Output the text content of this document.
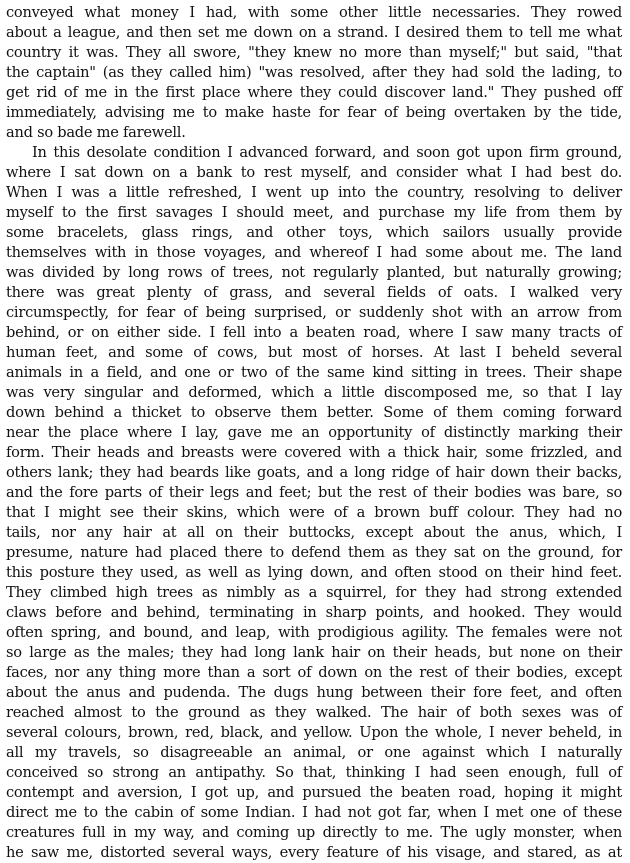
conveyed what money I had, with some other little necessaries. They rowed
about a league, and then set me down on a strand. I desired them to tell me what
country it was. They all swore, "they knew no more than myself;" but said, "that
the captain" (as they called him) "was resolved, after they had sold the lading, to
get rid of me in the first place where they could discover land." They pushed off
immediately, advising me to make haste for fear of being overtaken by the tide,
and so bade me farewell.
In this desolate condition I advanced forward, and soon got upon firm ground,
where I sat down on a bank to rest myself, and consider what I had best do.
When I was a little refreshed, I went up into the country, resolving to deliver
myself to the first savages I should meet, and purchase my life from them by
some bracelets, glass rings, and other toys, which sailors usually provide
themselves with in those voyages, and whereof I had some about me. The land
was divided by long rows of trees, not regularly planted, but naturally growing;
there was great plenty of grass, and several fields of oats. I walked very
circumspectly, for fear of being surprised, or suddenly shot with an arrow from
behind, or on either side. I fell into a beaten road, where I saw many tracts of
human feet, and some of cows, but most of horses. At last I beheld several
animals in a field, and one or two of the same kind sitting in trees. Their shape
was very singular and deformed, which a little discomposed me, so that I lay
down behind a thicket to observe them better. Some of them coming forward
near the place where I lay, gave me an opportunity of distinctly marking their
form. Their heads and breasts were covered with a thick hair, some frizzled, and
others lank; they had beards like goats, and a long ridge of hair down their backs,
and the fore parts of their legs and feet; but the rest of their bodies was bare, so
that I might see their skins, which were of a brown buff colour. They had no
tails, nor any hair at all on their buttocks, except about the anus, which, I
presume, nature had placed there to defend them as they sat on the ground, for
this posture they used, as well as lying down, and often stood on their hind feet.
They climbed high trees as nimbly as a squirrel, for they had strong extended
claws before and behind, terminating in sharp points, and hooked. They would
often spring, and bound, and leap, with prodigious agility. The females were not
so large as the males; they had long lank hair on their heads, but none on their
faces, nor any thing more than a sort of down on the rest of their bodies, except
about the anus and pudenda. The dugs hung between their fore feet, and often
reached almost to the ground as they walked. The hair of both sexes was of
several colours, brown, red, black, and yellow. Upon the whole, I never beheld, in
all my travels, so disagreeable an animal, or one against which I naturally
conceived so strong an antipathy. So that, thinking I had seen enough, full of
contempt and aversion, I got up, and pursued the beaten road, hoping it might
direct me to the cabin of some Indian. I had not got far, when I met one of these
creatures full in my way, and coming up directly to me. The ugly monster, when
he saw me, distorted several ways, every feature of his visage, and stared, as at
